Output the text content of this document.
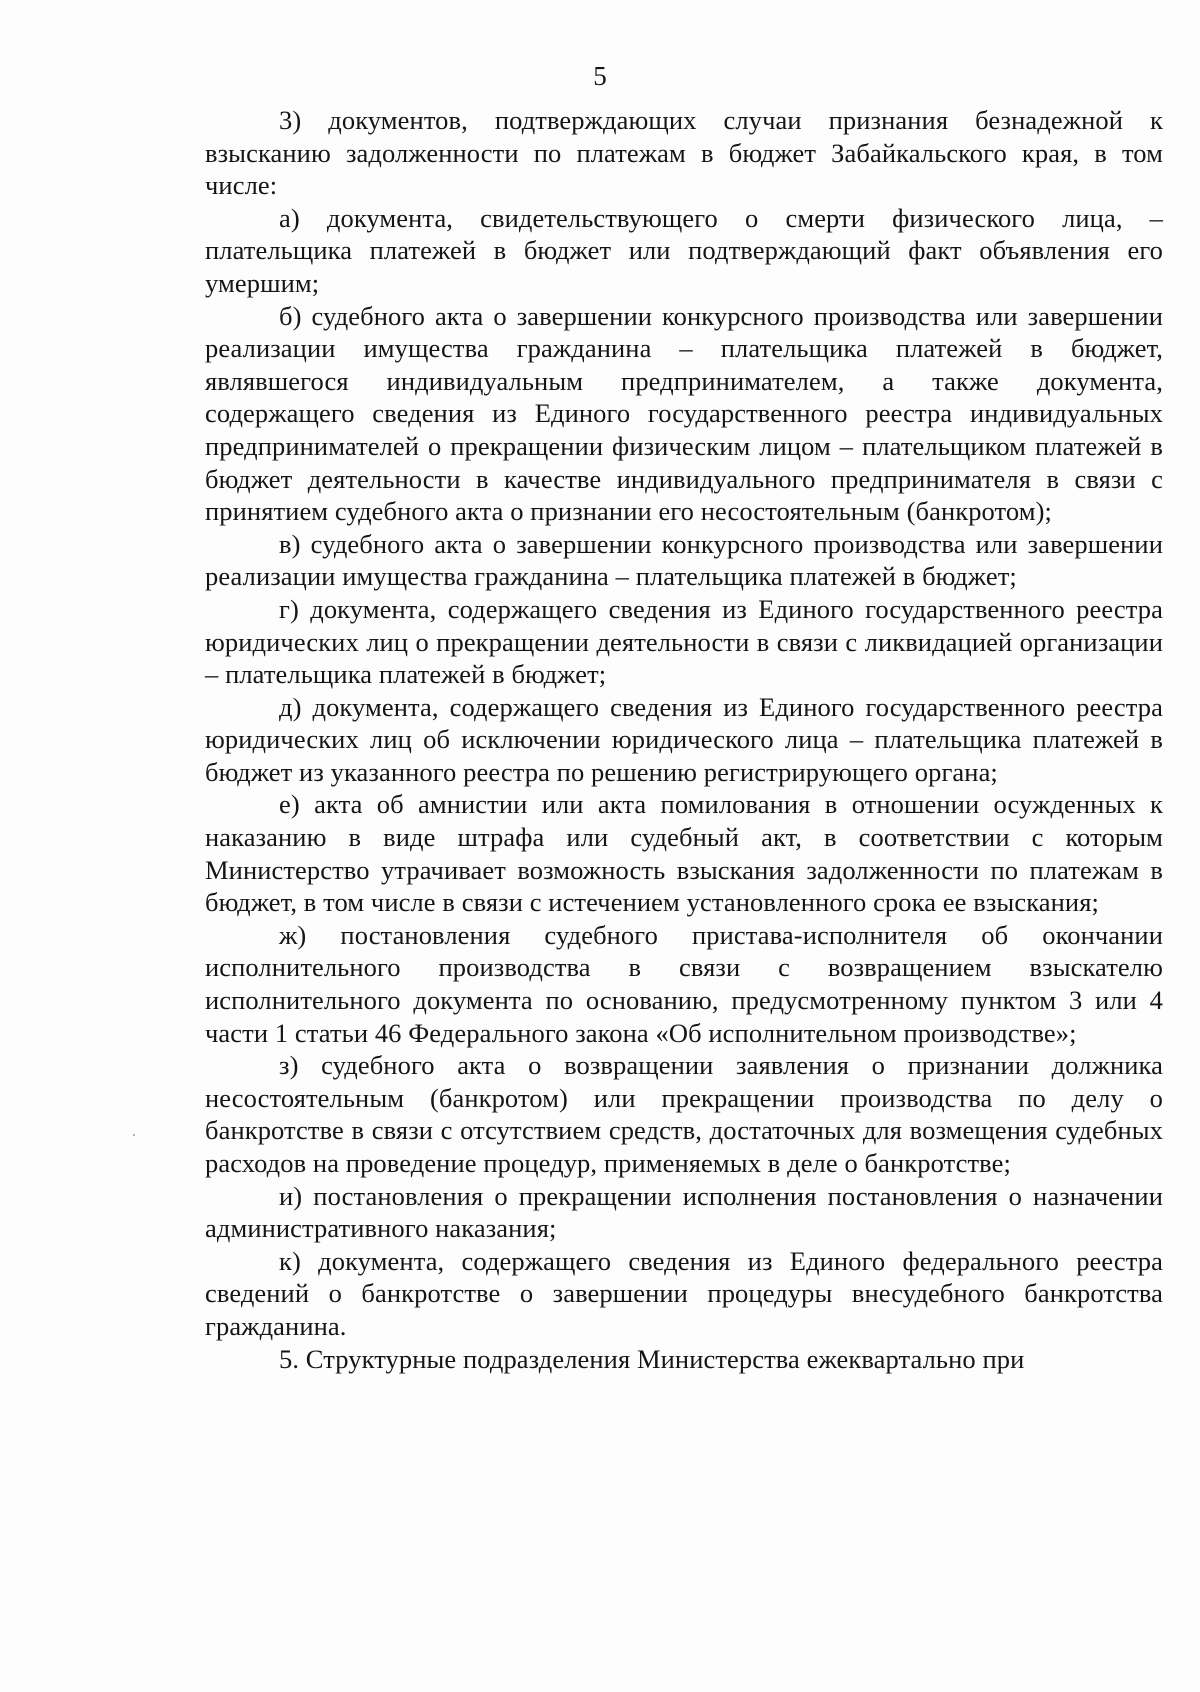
5

3) документов, подтверждающих случаи признания безнадежной к взысканию задолженности по платежам в бюджет Забайкальского края, в том числе:

а) документа, свидетельствующего о смерти физического лица, – плательщика платежей в бюджет или подтверждающий факт объявления его умершим;

б) судебного акта о завершении конкурсного производства или завершении реализации имущества гражданина – плательщика платежей в бюджет, являвшегося индивидуальным предпринимателем, а также документа, содержащего сведения из Единого государственного реестра индивидуальных предпринимателей о прекращении физическим лицом – плательщиком платежей в бюджет деятельности в качестве индивидуального предпринимателя в связи с принятием судебного акта о признании его несостоятельным (банкротом);

в) судебного акта о завершении конкурсного производства или завершении реализации имущества гражданина – плательщика платежей в бюджет;

г) документа, содержащего сведения из Единого государственного реестра юридических лиц о прекращении деятельности в связи с ликвидацией организации – плательщика платежей в бюджет;

д) документа, содержащего сведения из Единого государственного реестра юридических лиц об исключении юридического лица – плательщика платежей в бюджет из указанного реестра по решению регистрирующего органа;

е) акта об амнистии или акта помилования в отношении осужденных к наказанию в виде штрафа или судебный акт, в соответствии с которым Министерство утрачивает возможность взыскания задолженности по платежам в бюджет, в том числе в связи с истечением установленного срока ее взыскания;

ж) постановления судебного пристава-исполнителя об окончании исполнительного производства в связи с возвращением взыскателю исполнительного документа по основанию, предусмотренному пунктом 3 или 4 части 1 статьи 46 Федерального закона «Об исполнительном производстве»;

з) судебного акта о возвращении заявления о признании должника несостоятельным (банкротом) или прекращении производства по делу о банкротстве в связи с отсутствием средств, достаточных для возмещения судебных расходов на проведение процедур, применяемых в деле о банкротстве;

и) постановления о прекращении исполнения постановления о назначении административного наказания;

к) документа, содержащего сведения из Единого федерального реестра сведений о банкротстве о завершении процедуры внесудебного банкротства гражданина.

5. Структурные подразделения Министерства ежеквартально при
